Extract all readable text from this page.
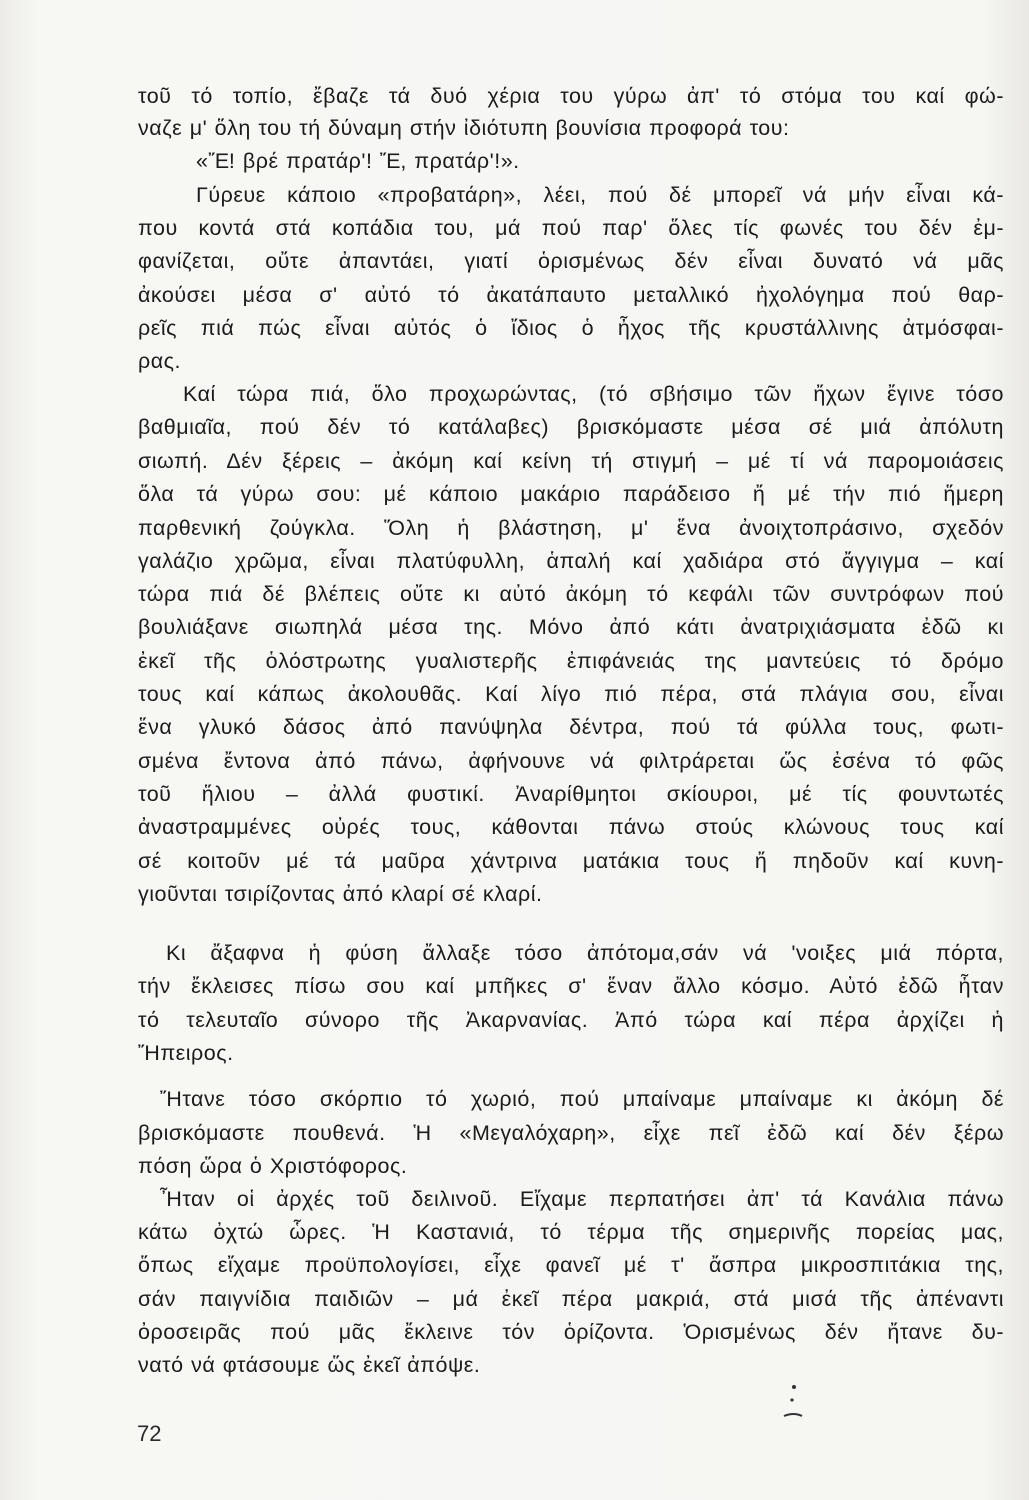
τοῦ τό τοπίο, ἔβαζε τά δυό χέρια του γύρω ἀπ' τό στόμα του καί φώ-
ναζε μ' ὅλη του τή δύναμη στήν ἰδιότυπη βουνίσια προφορά του:
«Ἔ! βρέ πρατάρ'! Ἔ, πρατάρ'!».
Γύρευε κάποιο «προβατάρη», λέει, πού δέ μπορεῖ νά μήν εἶναι κά-
που κοντά στά κοπάδια του, μά πού παρ' ὅλες τίς φωνές του δέν ἐμ-
φανίζεται, οὔτε ἀπαντάει, γιατί ὁρισμένως δέν εἶναι δυνατό νά μᾶς
ἀκούσει μέσα σ' αὐτό τό ἀκατάπαυτο μεταλλικό ἠχολόγημα πού θαρ-
ρεῖς πιά πώς εἶναι αὐτός ὁ ἴδιος ὁ ἦχος τῆς κρυστάλλινης ἀτμόσφαι-
ρας.
Καί τώρα πιά, ὅλο προχωρώντας, (τό σβήσιμο τῶν ἤχων ἔγινε τόσο
βαθμιαῖα, πού δέν τό κατάλαβες) βρισκόμαστε μέσα σέ μιά ἀπόλυτη
σιωπή. Δέν ξέρεις – ἀκόμη καί κείνη τή στιγμή – μέ τί νά παρομοιάσεις
ὅλα τά γύρω σου: μέ κάποιο μακάριο παράδεισο ἤ μέ τήν πιό ἥμερη
παρθενική ζούγκλα. Ὅλη ἡ βλάστηση, μ' ἕνα ἀνοιχτοπράσινο, σχεδόν
γαλάζιο χρῶμα, εἶναι πλατύφυλλη, ἁπαλή καί χαδιάρα στό ἄγγιγμα – καί
τώρα πιά δέ βλέπεις οὔτε κι αὐτό ἀκόμη τό κεφάλι τῶν συντρόφων πού
βουλιάξανε σιωπηλά μέσα της. Μόνο ἀπό κάτι ἀνατριχιάσματα ἐδῶ κι
ἐκεῖ τῆς ὁλόστρωτης γυαλιστερῆς ἐπιφάνειάς της μαντεύεις τό δρόμο
τους καί κάπως ἀκολουθᾶς. Καί λίγο πιό πέρα, στά πλάγια σου, εἶναι
ἕνα γλυκό δάσος ἀπό πανύψηλα δέντρα, πού τά φύλλα τους, φωτι-
σμένα ἔντονα ἀπό πάνω, ἀφήνουνε νά φιλτράρεται ὥς ἐσένα τό φῶς
τοῦ ἥλιου – ἀλλά φυστικί. Ἀναρίθμητοι σκίουροι, μέ τίς φουντωτές
ἀναστραμμένες οὐρές τους, κάθονται πάνω στούς κλώνους τους καί
σέ κοιτοῦν μέ τά μαῦρα χάντρινα ματάκια τους ἤ πηδοῦν καί κυνη-
γιοῦνται τσιρίζοντας ἀπό κλαρί σέ κλαρί.
Κι ἄξαφνα ἡ φύση ἄλλαξε τόσο ἀπότομα,σάν νά 'νοιξες μιά πόρτα,
τήν ἔκλεισες πίσω σου καί μπῆκες σ' ἕναν ἄλλο κόσμο. Αὐτό ἐδῶ ἦταν
τό τελευταῖο σύνορο τῆς Ἀκαρνανίας. Ἀπό τώρα καί πέρα ἀρχίζει ἡ
Ἤπειρος.
Ἤτανε τόσο σκόρπιο τό χωριό, πού μπαίναμε μπαίναμε κι ἀκόμη δέ
βρισκόμαστε πουθενά. Ἡ «Μεγαλόχαρη», εἶχε πεῖ ἐδῶ καί δέν ξέρω
πόση ὥρα ὁ Χριστόφορος.
Ἦταν οἱ ἀρχές τοῦ δειλινοῦ. Εἴχαμε περπατήσει ἀπ' τά Κανάλια πάνω
κάτω ὀχτώ ὧρες. Ἡ Καστανιά, τό τέρμα τῆς σημερινῆς πορείας μας,
ὅπως εἴχαμε προϋπολογίσει, εἶχε φανεῖ μέ τ' ἄσπρα μικροσπιτάκια της,
σάν παιγνίδια παιδιῶν – μά ἐκεῖ πέρα μακριά, στά μισά τῆς ἀπέναντι
ὀροσειρᾶς πού μᾶς ἔκλεινε τόν ὁρίζοντα. Ὁρισμένως δέν ἤτανε δυ-
νατό νά φτάσουμε ὥς ἐκεῖ ἀπόψε.
72
